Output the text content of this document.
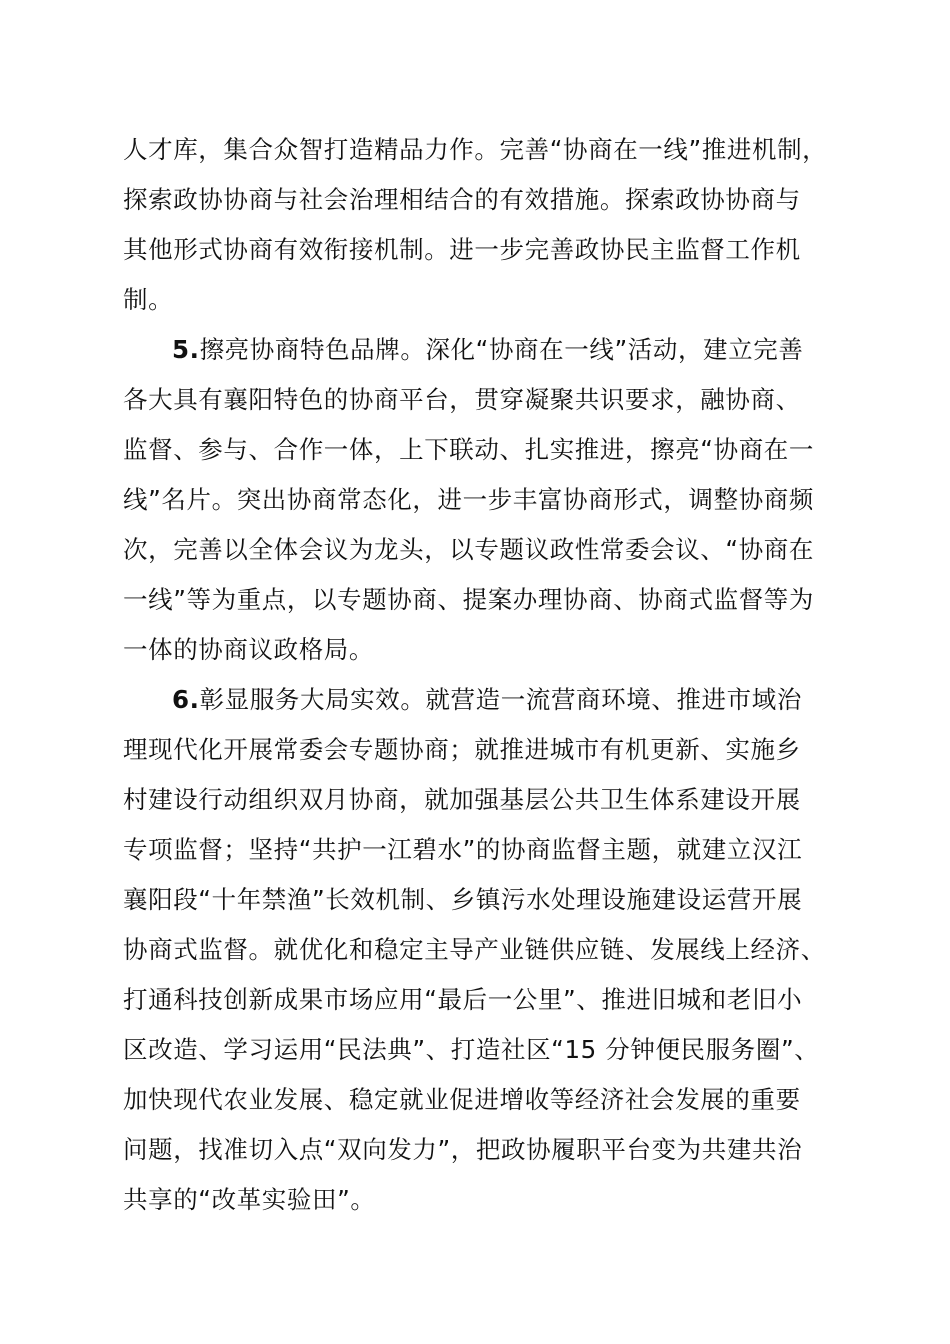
人才库，集合众智打造精品力作。完善“协商在一线”推进机制，
探索政协协商与社会治理相结合的有效措施。探索政协协商与
其他形式协商有效衔接机制。进一步完善政协民主监督工作机
制。
5.擦亮协商特色品牌。深化“协商在一线”活动，建立完善
各大具有襄阳特色的协商平台，贯穿凝聚共识要求，融协商、
监督、参与、合作一体，上下联动、扎实推进，擦亮“协商在一
线”名片。突出协商常态化，进一步丰富协商形式，调整协商频
次，完善以全体会议为龙头，以专题议政性常委会议、“协商在
一线”等为重点，以专题协商、提案办理协商、协商式监督等为
一体的协商议政格局。
6.彰显服务大局实效。就营造一流营商环境、推进市域治
理现代化开展常委会专题协商；就推进城市有机更新、实施乡
村建设行动组织双月协商，就加强基层公共卫生体系建设开展
专项监督；坚持“共护一江碧水”的协商监督主题，就建立汉江
襄阳段“十年禁渔”长效机制、乡镇污水处理设施建设运营开展
协商式监督。就优化和稳定主导产业链供应链、发展线上经济、
打通科技创新成果市场应用“最后一公里”、推进旧城和老旧小
区改造、学习运用“民法典”、打造社区“15 分钟便民服务圈”、
加快现代农业发展、稳定就业促进增收等经济社会发展的重要
问题，找准切入点“双向发力”，把政协履职平台变为共建共治
共享的“改革实验田”。
